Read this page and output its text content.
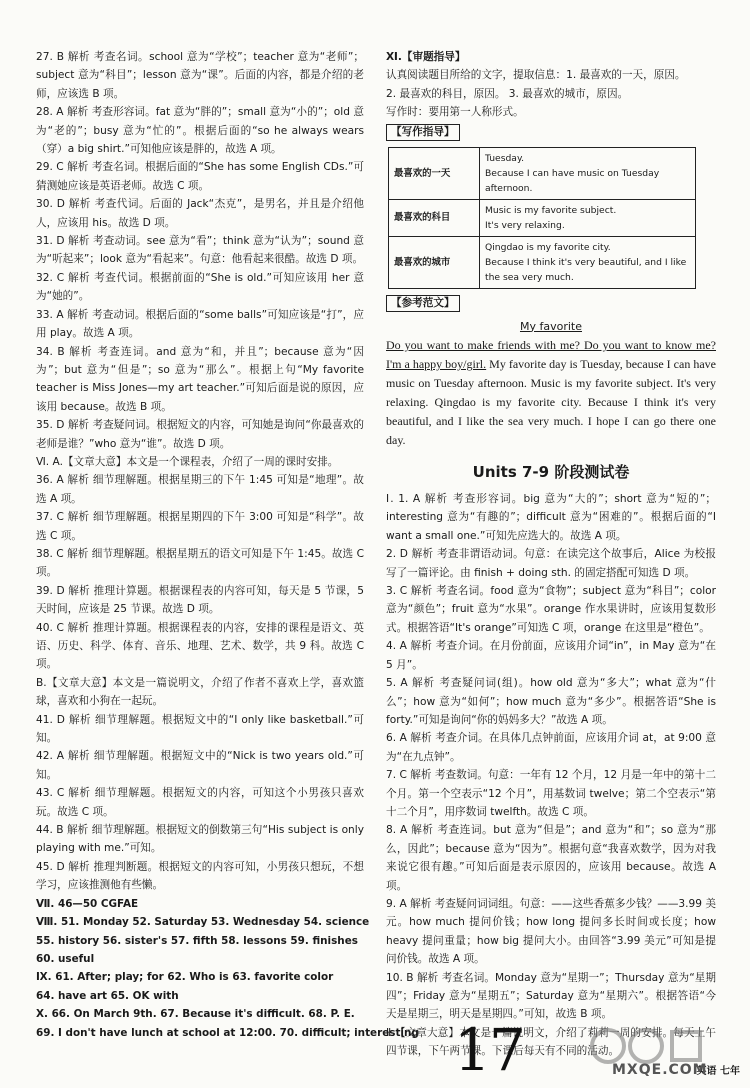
27. B 解析 考查名词。school 意为“学校”；teacher 意为“老师”；subject 意为“科目”；lesson 意为“课”。后面的内容，都是介绍的老师，应该选 B 项。

28. A 解析 考查形容词。fat 意为“胖的”；small 意为“小的”；old 意为“老的”；busy 意为“忙的”。根据后面的“so he always wears（穿）a big shirt.”可知他应该是胖的，故选 A 项。

29. C 解析 考查名词。根据后面的“She has some English CDs.”可猜测她应该是英语老师。故选 C 项。

30. D 解析 考查代词。后面的 Jack“杰克”，是男名，并且是介绍他人，应该用 his。故选 D 项。

31. D 解析 考查动词。see 意为“看”；think 意为“认为”；sound 意为“听起来”；look 意为“看起来”。句意：他看起来很酷。故选 D 项。

32. C 解析 考查代词。根据前面的“She is old.”可知应该用 her 意为“她的”。

33. A 解析 考查动词。根据后面的“some balls”可知应该是“打”，应用 play。故选 A 项。

34. B 解析 考查连词。and 意为“和，并且”；because 意为“因为”；but 意为“但是”；so 意为“那么”。根据上句“My favorite teacher is Miss Jones—my art teacher.”可知后面是说的原因，应该用 because。故选 B 项。

35. D 解析 考查疑问词。根据短文的内容，可知她是询问“你最喜欢的老师是谁？”who 意为“谁”。故选 D 项。

Ⅵ. A.【文章大意】本文是一个课程表，介绍了一周的课时安排。

36. A 解析 细节理解题。根据星期三的下午 1:45 可知是“地理”。故选 A 项。

37. C 解析 细节理解题。根据星期四的下午 3:00 可知是“科学”。故选 C 项。

38. C 解析 细节理解题。根据星期五的语文可知是下午 1:45。故选 C 项。

39. D 解析 推理计算题。根据课程表的内容可知，每天是 5 节课，5 天时间，应该是 25 节课。故选 D 项。

40. C 解析 推理计算题。根据课程表的内容，安排的课程是语文、英语、历史、科学、体育、音乐、地理、艺术、数学，共 9 科。故选 C 项。

B.【文章大意】本文是一篇说明文，介绍了作者不喜欢上学，喜欢篮球，喜欢和小狗在一起玩。

41. D 解析 细节理解题。根据短文中的“I only like basketball.”可知。

42. A 解析 细节理解题。根据短文中的“Nick is two years old.”可知。

43. C 解析 细节理解题。根据短文的内容，可知这个小男孩只喜欢玩。故选 C 项。

44. B 解析 细节理解题。根据短文的倒数第三句“His subject is only playing with me.”可知。

45. D 解析 推理判断题。根据短文的内容可知，小男孩只想玩，不想学习，应该推测他有些懒。

Ⅶ. 46—50 CGFAE
Ⅷ. 51. Monday 52. Saturday 53. Wednesday 54. science
55. history 56. sister's 57. fifth 58. lessons 59. finishes
60. useful
Ⅸ. 61. After; play; for 62. Who is 63. favorite color
64. have art 65. OK with
Ⅹ. 66. On March 9th. 67. Because it's difficult. 68. P. E.
69. I don't have lunch at school at 12:00. 70. difficult; interesting

Ⅺ.【审题指导】

认真阅读题目所给的文字，提取信息：1. 最喜欢的一天，原因。

2. 最喜欢的科目，原因。 3. 最喜欢的城市，原因。

写作时：要用第一人称形式。

【写作指导】
最喜欢的一天	Tuesday.
Because I can have music on Tuesday afternoon.
最喜欢的科目	Music is my favorite subject.
It's very relaxing.
最喜欢的城市	Qingdao is my favorite city.
Because I think it's very beautiful, and I like the sea very much.
【参考范文】
My favorite

Do you want to make friends with me? Do you want to know me? I'm a happy boy/girl. My favorite day is Tuesday, because I can have music on Tuesday afternoon. Music is my favorite subject. It's very relaxing. Qingdao is my favorite city. Because I think it's very beautiful, and I like the sea very much. I hope I can go there one day.

Units 7-9 阶段测试卷

Ⅰ. 1. A 解析 考查形容词。big 意为“大的”；short 意为“短的”；interesting 意为“有趣的”；difficult 意为“困难的”。根据后面的“I want a small one.”可知先应选大的。故选 A 项。

2. D 解析 考查非谓语动词。句意：在读完这个故事后，Alice 为校报写了一篇评论。由 finish + doing sth. 的固定搭配可知选 D 项。

3. C 解析 考查名词。food 意为“食物”；subject 意为“科目”；color 意为“颜色”；fruit 意为“水果”。orange 作水果讲时，应该用复数形式。根据答语“It's orange”可知选 C 项，orange 在这里是“橙色”。

4. A 解析 考查介词。在月份前面，应该用介词“in”，in May 意为“在 5 月”。

5. A 解析 考查疑问词(组)。how old 意为“多大”；what 意为“什么”；how 意为“如何”；how much 意为“多少”。根据答语“She is forty.”可知是询问“你的妈妈多大？”故选 A 项。

6. A 解析 考查介词。在具体几点钟前面，应该用介词 at，at 9:00 意为“在九点钟”。

7. C 解析 考查数词。句意：一年有 12 个月，12 月是一年中的第十二个月。第一个空表示“12 个月”，用基数词 twelve；第二个空表示“第十二个月”，用序数词 twelfth。故选 C 项。

8. A 解析 考查连词。but 意为“但是”；and 意为“和”；so 意为“那么，因此”；because 意为“因为”。根据句意“我喜欢数学，因为对我来说它很有趣。”可知后面是表示原因的，应该用 because。故选 A 项。

9. A 解析 考查疑问词词组。句意：——这些香蕉多少钱？——3.99 美元。how much 提问价钱；how long 提问多长时间或长度；how heavy 提问重量；how big 提问大小。由回答“3.99 美元”可知是提问价钱。故选 A 项。

10. B 解析 考查名词。Monday 意为“星期一”；Thursday 意为“星期四”；Friday 意为“星期五”；Saturday 意为“星期六”。根据答语“今天是星期三，明天是星期四。”可知，故选 B 项。

Ⅱ.【文章大意】本文是一篇说明文，介绍了莉莉一周的安排。每天上午四节课，下午两节课。下课后每天有不同的活动。

17	英语 七年
MXQE.COM
